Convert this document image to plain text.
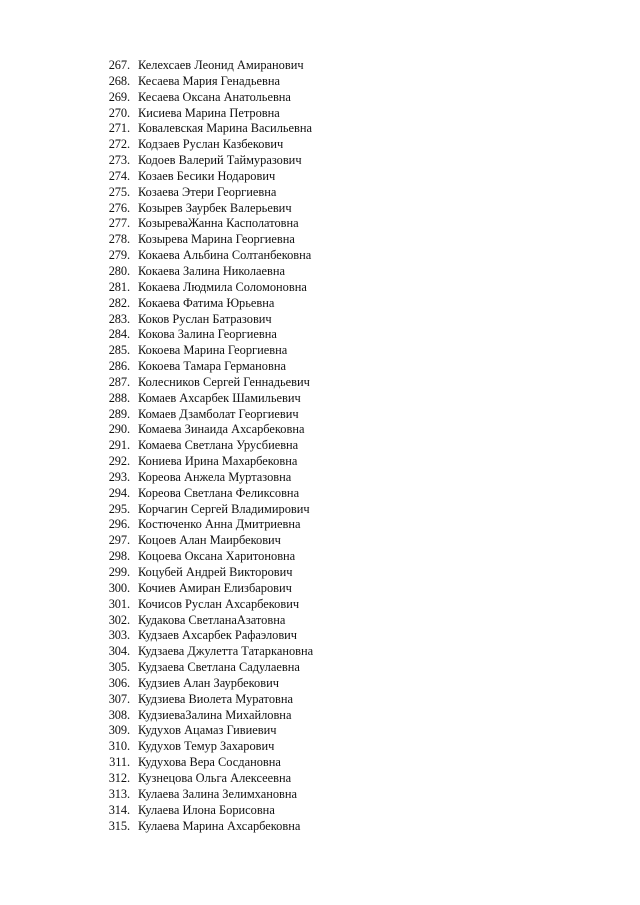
267. Келехсаев Леонид Амиранович
268. Кесаева Мария Генадьевна
269. Кесаева Оксана Анатольевна
270. Кисиева Марина Петровна
271. Ковалевская Марина Васильевна
272. Кодзаев Руслан Казбекович
273. Кодоев Валерий Таймуразович
274. Козаев Бесики Нодарович
275. Козаева Этери Георгиевна
276. Козырев Заурбек Валерьевич
277. КозыреваЖанна Касполатовна
278. Козырева Марина Георгиевна
279. Кокаева Альбина Солтанбековна
280. Кокаева Залина Николаевна
281. Кокаева Людмила Соломоновна
282. Кокаева Фатима Юрьевна
283. Коков Руслан Батразович
284. Кокова Залина Георгиевна
285. Кокоева Марина Георгиевна
286. Кокоева Тамара Германовна
287. Колесников Сергей Геннадьевич
288. Комаев Ахсарбек Шамильевич
289. Комаев Дзамболат Георгиевич
290. Комаева Зинаида Ахсарбековна
291. Комаева Светлана Урусбиевна
292. Кониева Ирина Махарбековна
293. Кореова Анжела Муртазовна
294. Кореова Светлана Феликсовна
295. Корчагин Сергей Владимирович
296. Костюченко Анна Дмитриевна
297. Коцоев Алан Маирбекович
298. Коцоева Оксана Харитоновна
299. Коцубей Андрей Викторович
300. Кочиев Амиран Елизбарович
301. Кочисов Руслан Ахсарбекович
302. Кудакова СветланаАзатовна
303. Кудзаев Ахсарбек Рафаэлович
304. Кудзаева Джулетта Татаркановна
305. Кудзаева Светлана Садулаевна
306. Кудзиев Алан Заурбекович
307. Кудзиева Виолета Муратовна
308. КудзиеваЗалина Михайловна
309. Кудухов Ацамаз Гивиевич
310. Кудухов Темур Захарович
311. Кудухова Вера Сосдановна
312. Кузнецова Ольга Алексеевна
313. Кулаева Залина Зелимхановна
314. Кулаева Илона Борисовна
315. Кулаева Марина Ахсарбековна
